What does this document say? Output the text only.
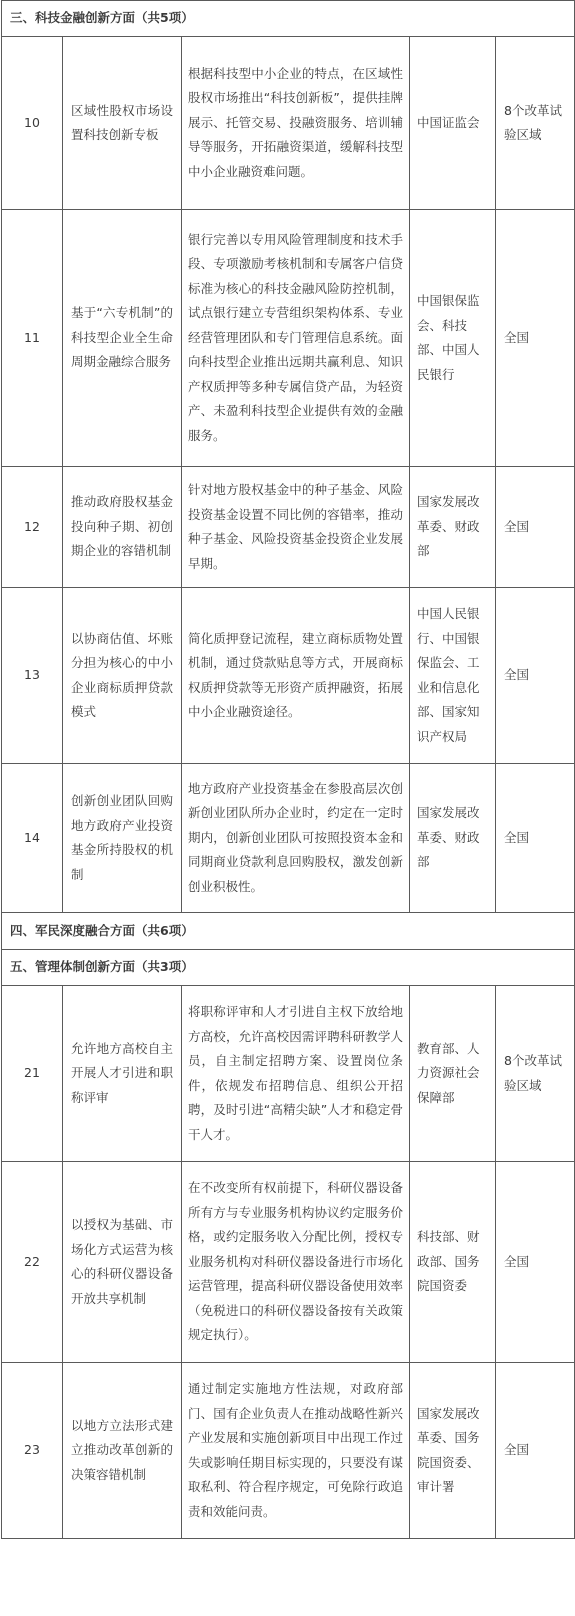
三、科技金融创新方面（共5项）				
10	区域性股权市场设置科技创新专板	根据科技型中小企业的特点，在区域性股权市场推出“科技创新板”，提供挂牌展示、托管交易、投融资服务、培训辅导等服务，开拓融资渠道，缓解科技型中小企业融资难问题。	中国证监会	8个改革试验区域
11	基于“六专机制”的科技型企业全生命周期金融综合服务	银行完善以专用风险管理制度和技术手段、专项激励考核机制和专属客户信贷标准为核心的科技金融风险防控机制，试点银行建立专营组织架构体系、专业经营管理团队和专门管理信息系统。面向科技型企业推出远期共赢利息、知识产权质押等多种专属信贷产品，为轻资产、未盈利科技型企业提供有效的金融服务。	中国银保监会、科技部、中国人民银行	全国
12	推动政府股权基金投向种子期、初创期企业的容错机制	针对地方股权基金中的种子基金、风险投资基金设置不同比例的容错率，推动种子基金、风险投资基金投资企业发展早期。	国家发展改革委、财政部	全国
13	以协商估值、坏账分担为核心的中小企业商标质押贷款模式	简化质押登记流程，建立商标质物处置机制，通过贷款贴息等方式，开展商标权质押贷款等无形资产质押融资，拓展中小企业融资途径。	中国人民银行、中国银保监会、工业和信息化部、国家知识产权局	全国
14	创新创业团队回购地方政府产业投资基金所持股权的机制	地方政府产业投资基金在参股高层次创新创业团队所办企业时，约定在一定时期内，创新创业团队可按照投资本金和同期商业贷款利息回购股权，激发创新创业积极性。	国家发展改革委、财政部	全国
四、军民深度融合方面（共6项）				
五、管理体制创新方面（共3项）				
21	允许地方高校自主开展人才引进和职称评审	将职称评审和人才引进自主权下放给地方高校，允许高校因需评聘科研教学人员，自主制定招聘方案、设置岗位条件，依规发布招聘信息、组织公开招聘，及时引进“高精尖缺”人才和稳定骨干人才。	教育部、人力资源社会保障部	8个改革试验区域
22	以授权为基础、市场化方式运营为核心的科研仪器设备开放共享机制	在不改变所有权前提下，科研仪器设备所有方与专业服务机构协议约定服务价格，或约定服务收入分配比例，授权专业服务机构对科研仪器设备进行市场化运营管理，提高科研仪器设备使用效率（免税进口的科研仪器设备按有关政策规定执行）。	科技部、财政部、国务院国资委	全国
23	以地方立法形式建立推动改革创新的决策容错机制	通过制定实施地方性法规，对政府部门、国有企业负责人在推动战略性新兴产业发展和实施创新项目中出现工作过失或影响任期目标实现的，只要没有谋取私利、符合程序规定，可免除行政追责和效能问责。	国家发展改革委、国务院国资委、审计署	全国
